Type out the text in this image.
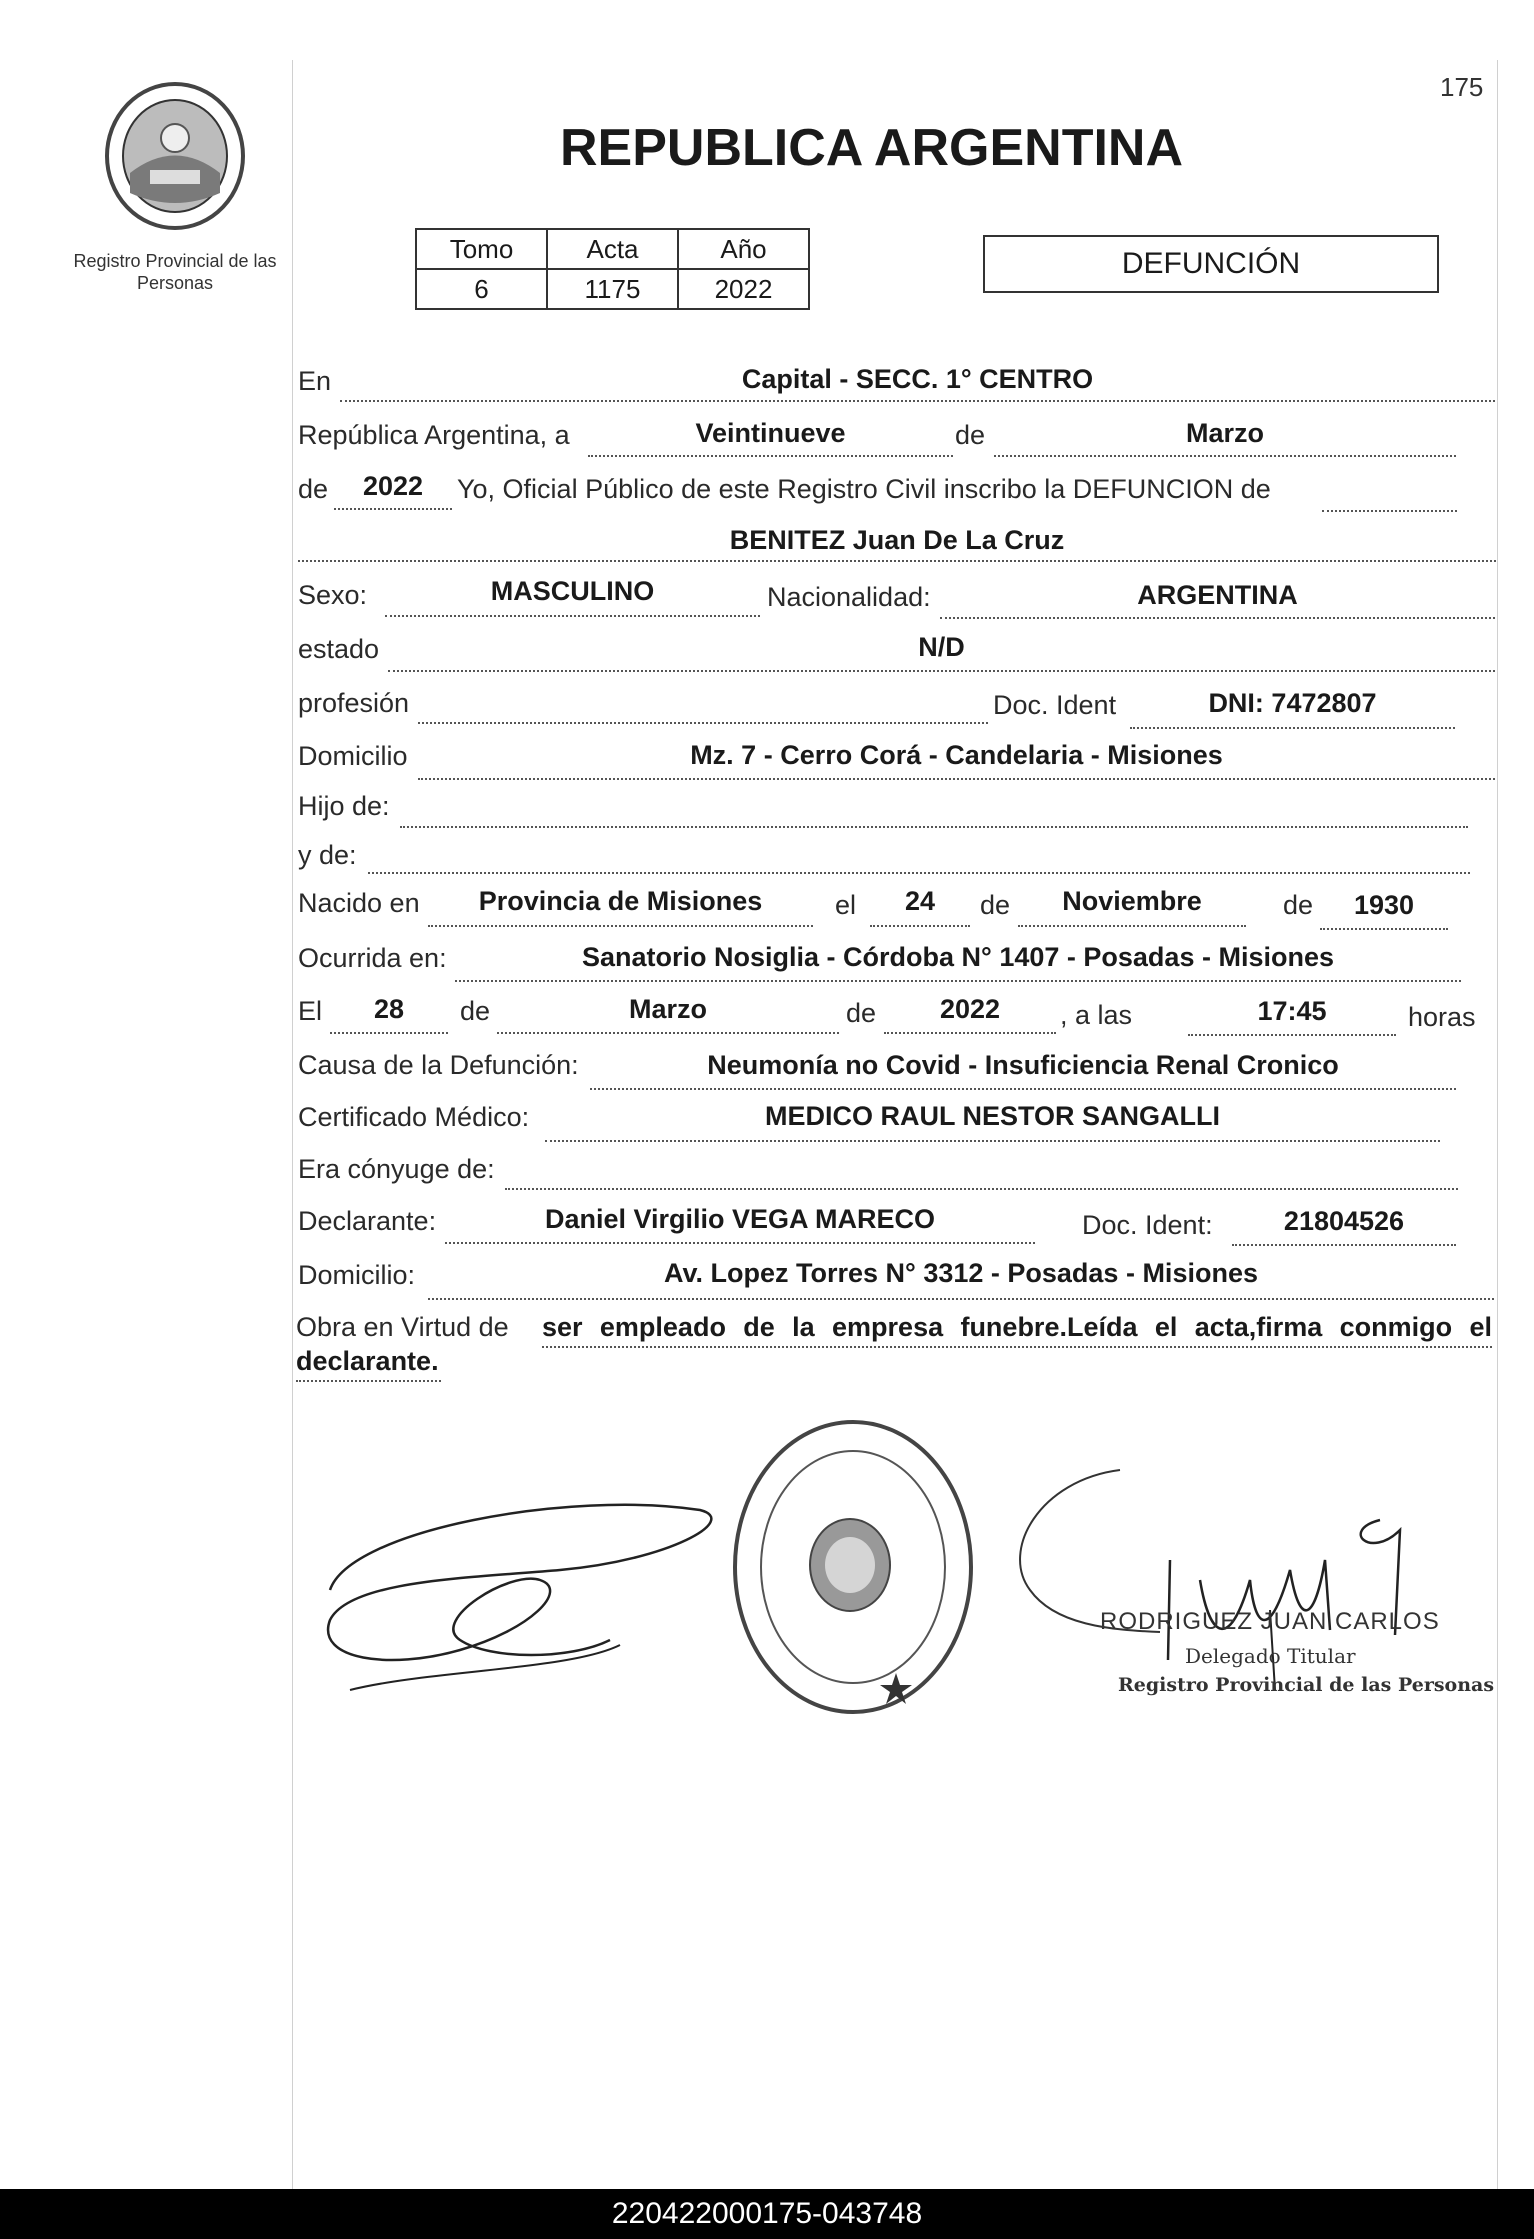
175
Registro Provincial de las Personas
REPUBLICA ARGENTINA
Tomo	Acta	Año
6	1175	2022
DEFUNCIÓN
En	Capital - SECC. 1° CENTRO
República Argentina, a	Veintinueve	de	Marzo
de	2022	Yo, Oficial Público de este Registro Civil inscribo la DEFUNCION de
BENITEZ Juan De La Cruz
Sexo:	MASCULINO	Nacionalidad:	ARGENTINA
estado	N/D
profesión	Doc. Ident	DNI: 7472807
Domicilio	Mz. 7 - Cerro Corá - Candelaria - Misiones
Hijo de:
y de:
Nacido en	Provincia de Misiones	el	24	de	Noviembre	de	1930
Ocurrida en:	Sanatorio Nosiglia - Córdoba N° 1407 - Posadas - Misiones
El	28	de	Marzo	de	2022	, a las	17:45	horas
Causa de la Defunción:	Neumonía no Covid - Insuficiencia Renal Cronico
Certificado Médico:	MEDICO RAUL NESTOR SANGALLI
Era cónyuge de:
Declarante:	Daniel Virgilio VEGA MARECO	Doc. Ident:	21804526
Domicilio:	Av. Lopez Torres N° 3312 - Posadas - Misiones
Obra en Virtud de ser empleado de la empresa funebre.Leída el acta,firma conmigo el
declarante.
RODRIGUEZ JUAN CARLOS
Delegado Titular
Registro Provincial de las Personas
220422000175-043748
